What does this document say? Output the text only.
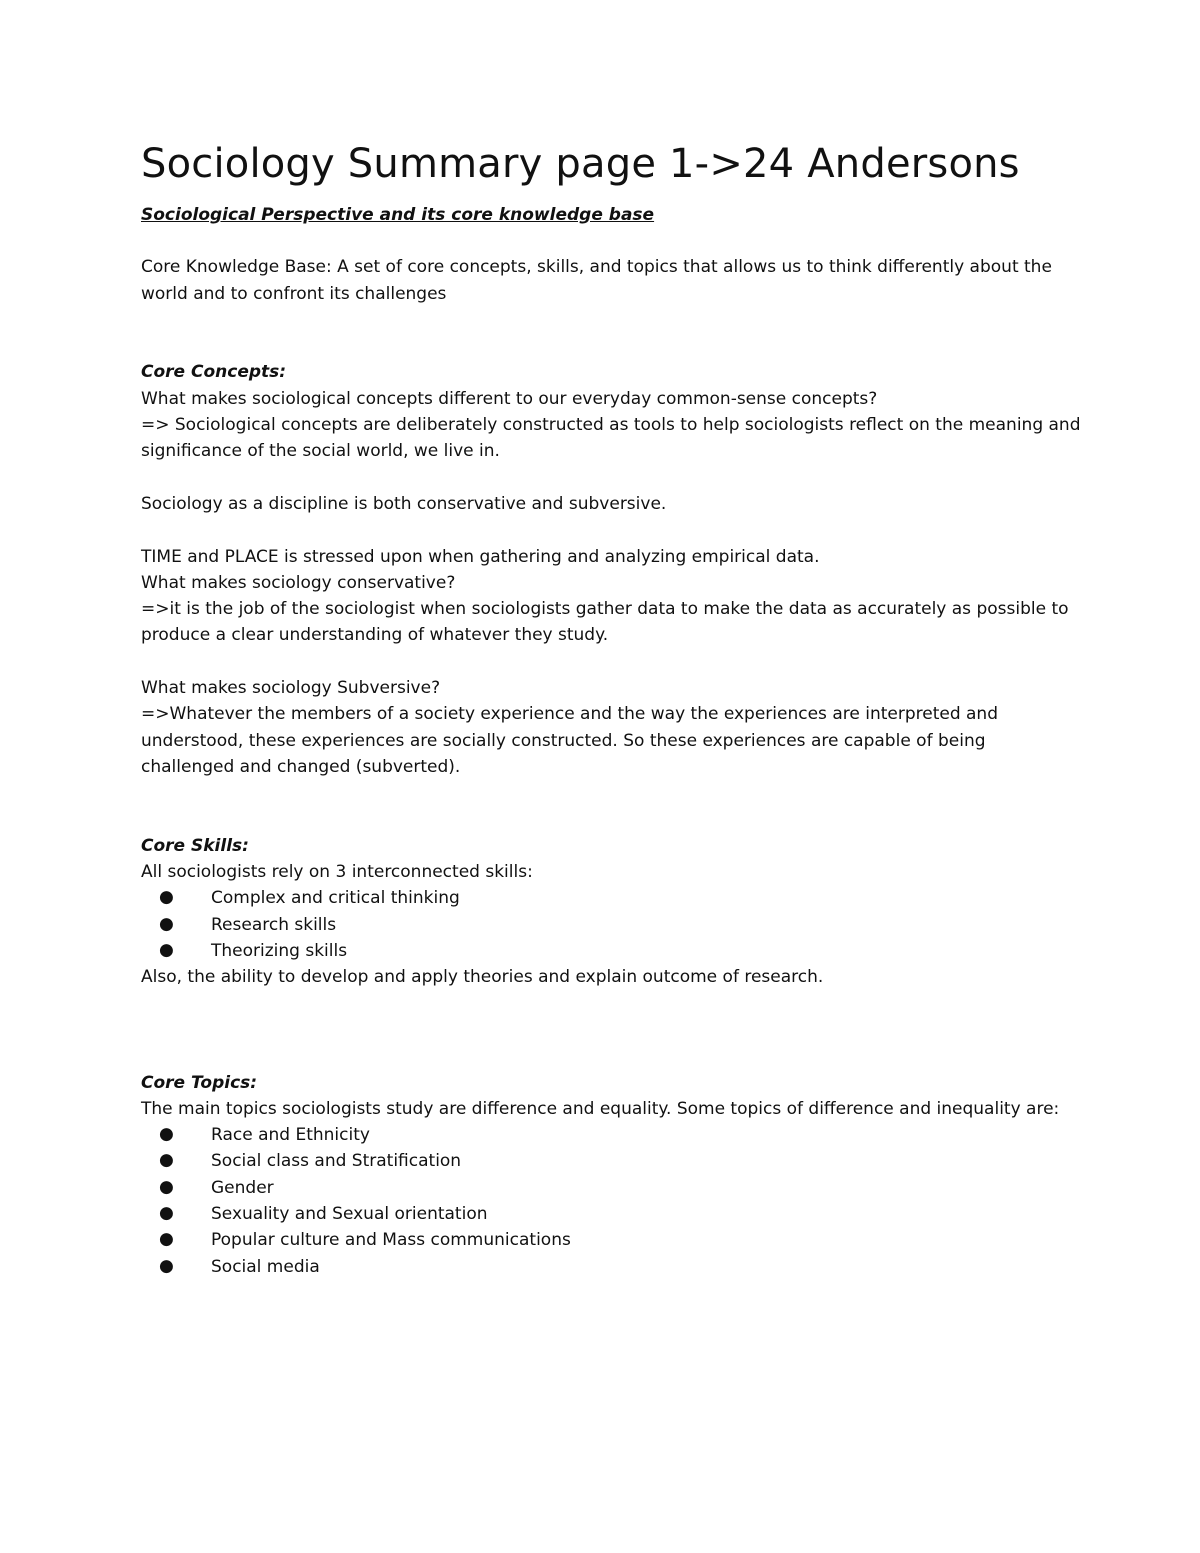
Sociology Summary page 1->24 Andersons
Sociological Perspective and its core knowledge base

Core Knowledge Base: A set of core concepts, skills, and topics that allows us to think differently about the world and to confront its challenges

Core Concepts:

What makes sociological concepts different to our everyday common-sense concepts?

=> Sociological concepts are deliberately constructed as tools to help sociologists reflect on the meaning and significance of the social world, we live in.

Sociology as a discipline is both conservative and subversive.

TIME and PLACE is stressed upon when gathering and analyzing empirical data.

What makes sociology conservative?

=>it is the job of the sociologist when sociologists gather data to make the data as accurately as possible to produce a clear understanding of whatever they study.

What makes sociology Subversive?

=>Whatever the members of a society experience and the way the experiences are interpreted and understood, these experiences are socially constructed. So these experiences are capable of being challenged and changed (subverted).

Core Skills:

All sociologists rely on 3 interconnected skills:

● Complex and critical thinking
● Research skills
● Theorizing skills

Also, the ability to develop and apply theories and explain outcome of research.

Core Topics:

The main topics sociologists study are difference and equality. Some topics of difference and inequality are:

● Race and Ethnicity
● Social class and Stratification
● Gender
● Sexuality and Sexual orientation
● Popular culture and Mass communications
● Social media
